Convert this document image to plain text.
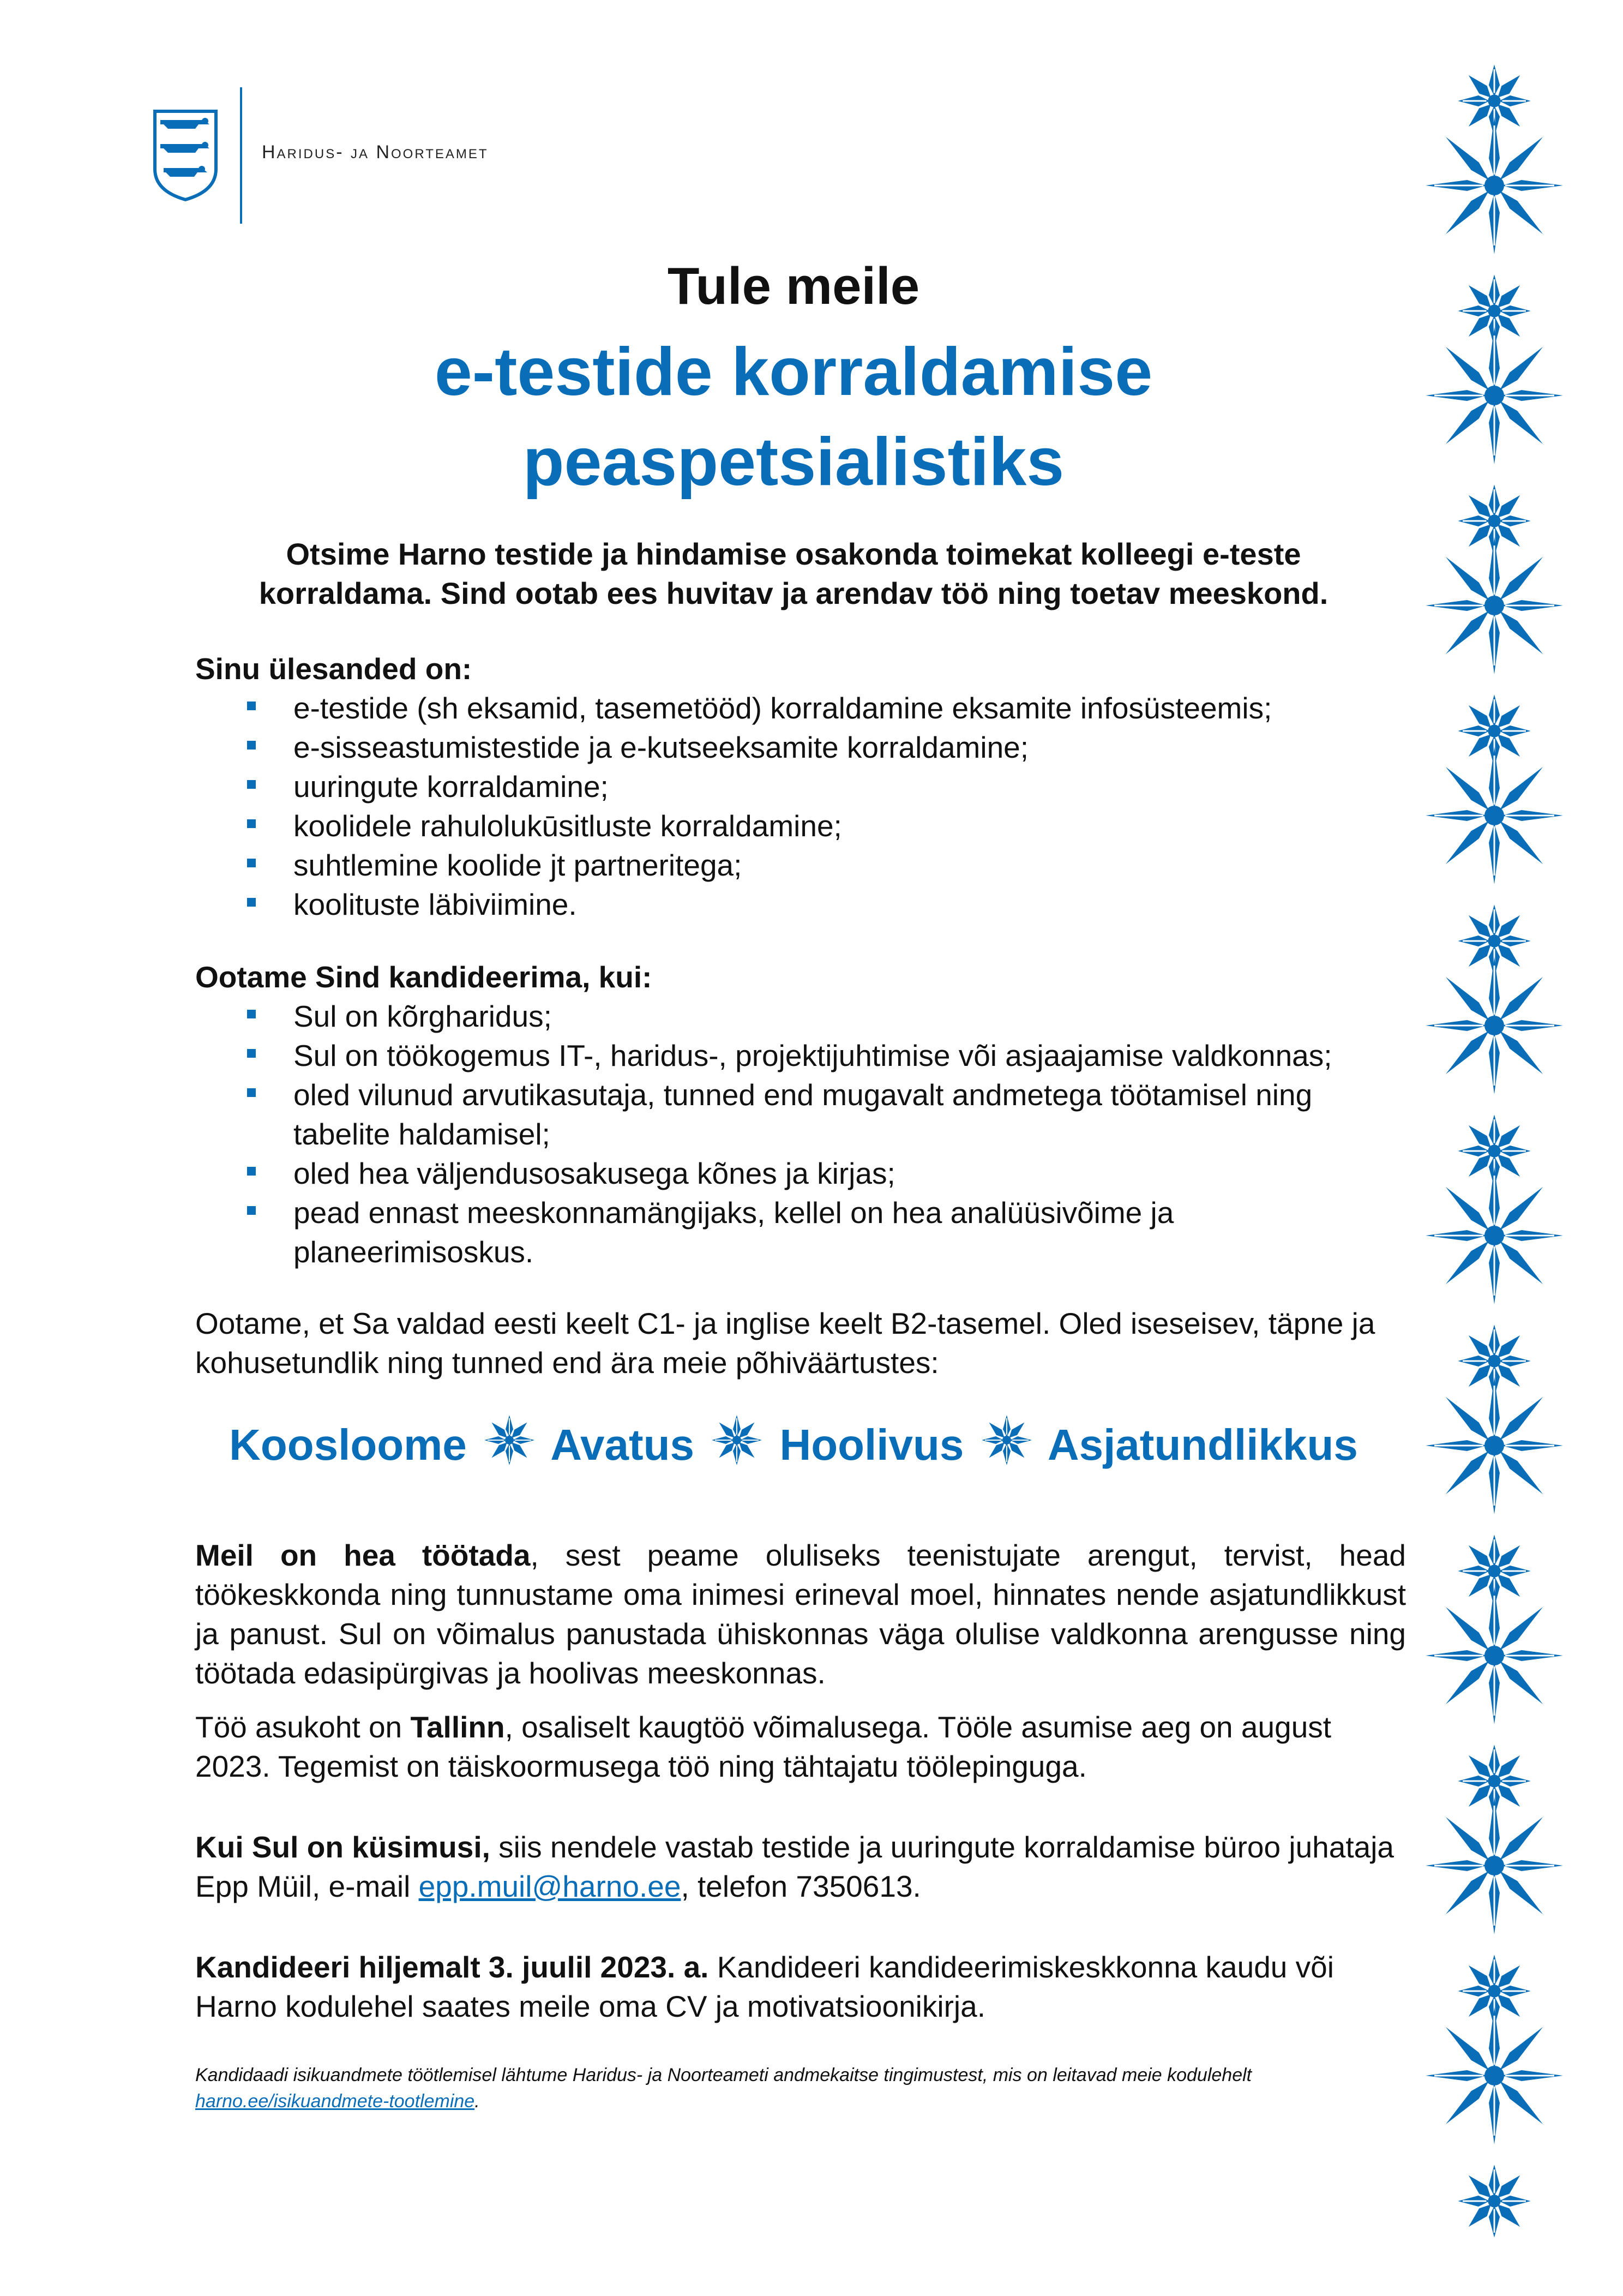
Haridus- ja Noorteamet
Tule meile
e-testide korraldamise
peaspetsialistiks
Otsime Harno testide ja hindamise osakonda toimekat kolleegi e-teste korraldama. Sind ootab ees huvitav ja arendav töö ning toetav meeskond.
Sinu ülesanded on:
e-testide (sh eksamid, tasemetööd) korraldamine eksamite infosüsteemis;
e-sisseastumistestide ja e-kutseeksamite korraldamine;
uuringute korraldamine;
koolidele rahulolukūsitluste korraldamine;
suhtlemine koolide jt partneritega;
koolituste läbiviimine.
Ootame Sind kandideerima, kui:
Sul on kõrgharidus;
Sul on töökogemus IT-, haridus-, projektijuhtimise või asjaajamise valdkonnas;
oled vilunud arvutikasutaja, tunned end mugavalt andmetega töötamisel ning tabelite haldamisel;
oled hea väljendusosakusega kõnes ja kirjas;
pead ennast meeskonnamängijaks, kellel on hea analüüsivõime ja planeerimisoskus.
Ootame, et Sa valdad eesti keelt C1- ja inglise keelt B2-tasemel. Oled iseseisev, täpne ja kohusetundlik ning tunned end ära meie põhiväärtustes:
Koosloome Avatus Hoolivus Asjatundlikkus
Meil on hea töötada, sest peame oluliseks teenistujate arengut, tervist, head töökeskkonda ning tunnustame oma inimesi erineval moel, hinnates nende asjatundlikkust ja panust. Sul on võimalus panustada ühiskonnas väga olulise valdkonna arengusse ning töötada edasipürgivas ja hoolivas meeskonnas.
Töö asukoht on Tallinn, osaliselt kaugtöö võimalusega. Tööle asumise aeg on august 2023. Tegemist on täiskoormusega töö ning tähtajatu töölepinguga.
Kui Sul on küsimusi, siis nendele vastab testide ja uuringute korraldamise büroo juhataja Epp Müil, e-mail epp.muil@harno.ee, telefon 7350613.
Kandideeri hiljemalt 3. juulil 2023. a. Kandideeri kandideerimiskeskkonna kaudu või Harno kodulehel saates meile oma CV ja motivatsioonikirja.
Kandidaadi isikuandmete töötlemisel lähtume Haridus- ja Noorteameti andmekaitse tingimustest, mis on leitavad meie kodulehelt harno.ee/isikuandmete-tootlemine.
